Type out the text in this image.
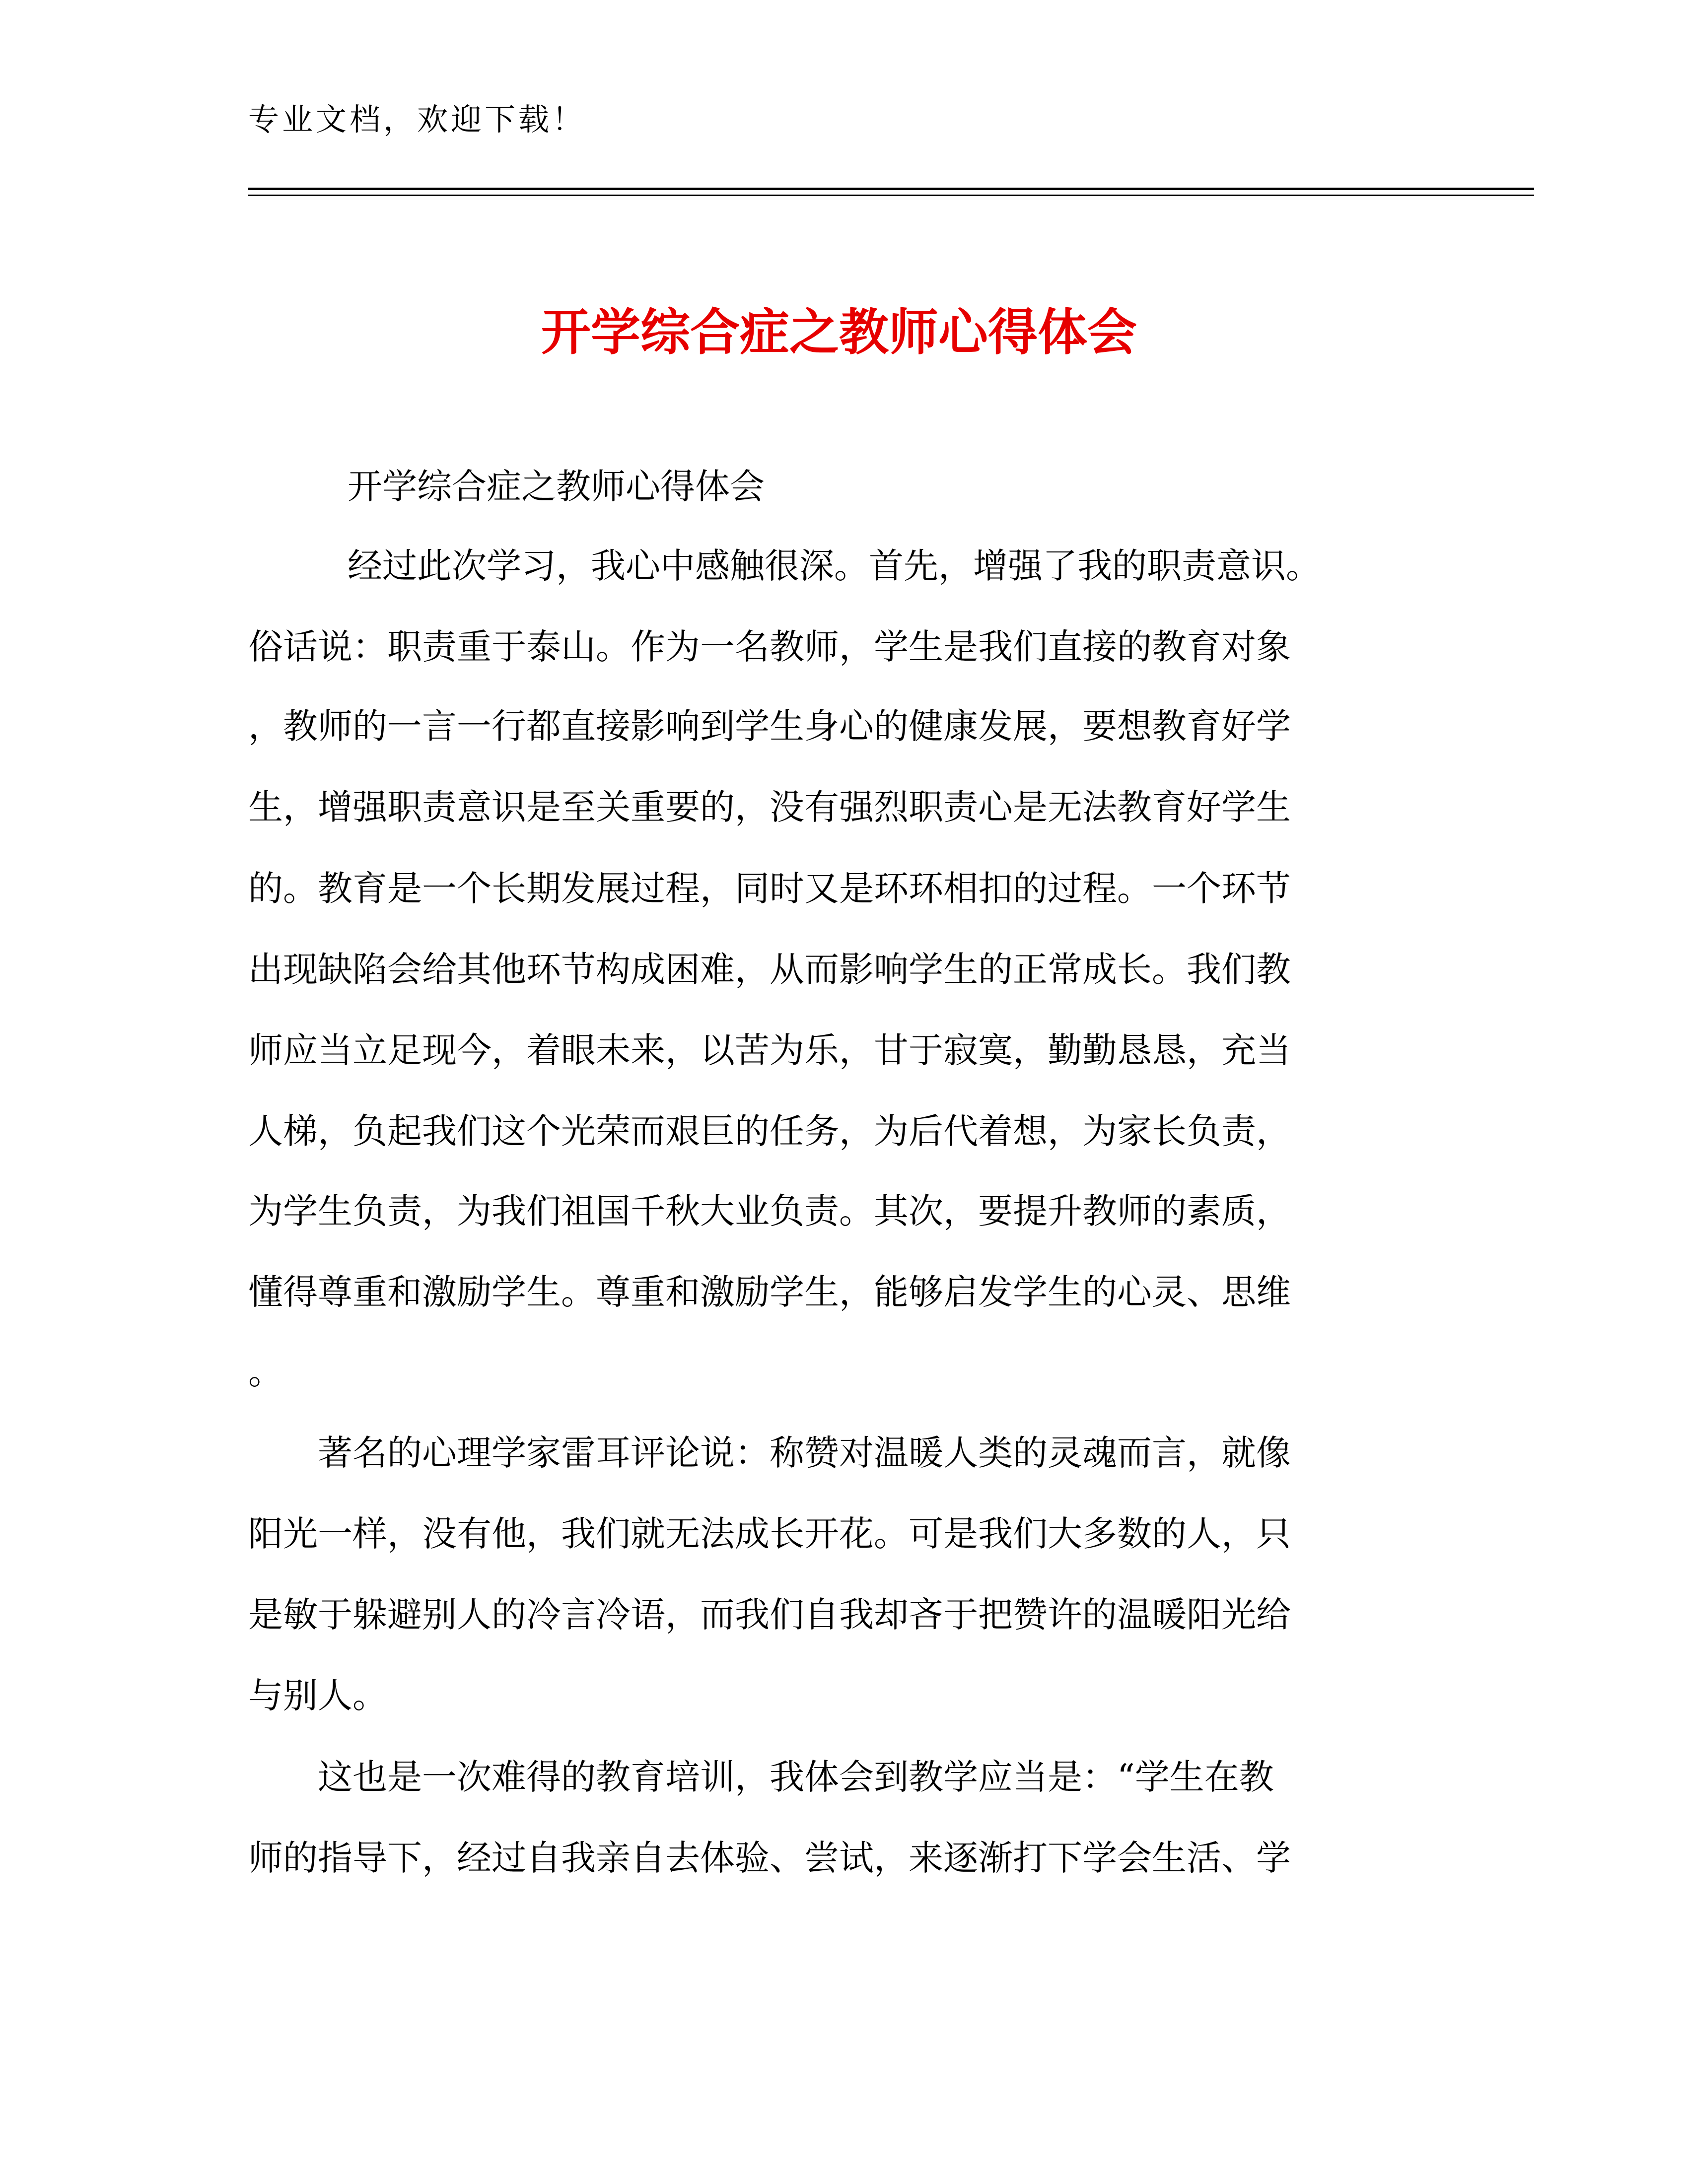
专业文档，欢迎下载！
开学综合症之教师心得体会
开学综合症之教师心得体会
经过此次学习，我心中感触很深。首先，增强了我的职责意识。
俗话说：职责重于泰山。作为一名教师，学生是我们直接的教育对象
，教师的一言一行都直接影响到学生身心的健康发展，要想教育好学
生，增强职责意识是至关重要的，没有强烈职责心是无法教育好学生
的。教育是一个长期发展过程，同时又是环环相扣的过程。一个环节
出现缺陷会给其他环节构成困难，从而影响学生的正常成长。我们教
师应当立足现今，着眼未来，以苦为乐，甘于寂寞，勤勤恳恳，充当
人梯，负起我们这个光荣而艰巨的任务，为后代着想，为家长负责，
为学生负责，为我们祖国千秋大业负责。其次，要提升教师的素质，
懂得尊重和激励学生。尊重和激励学生，能够启发学生的心灵、思维
。
著名的心理学家雷耳评论说：称赞对温暖人类的灵魂而言，就像
阳光一样，没有他，我们就无法成长开花。可是我们大多数的人，只
是敏于躲避别人的冷言冷语，而我们自我却吝于把赞许的温暖阳光给
与别人。
这也是一次难得的教育培训，我体会到教学应当是：“学生在教
师的指导下，经过自我亲自去体验、尝试，来逐渐打下学会生活、学
